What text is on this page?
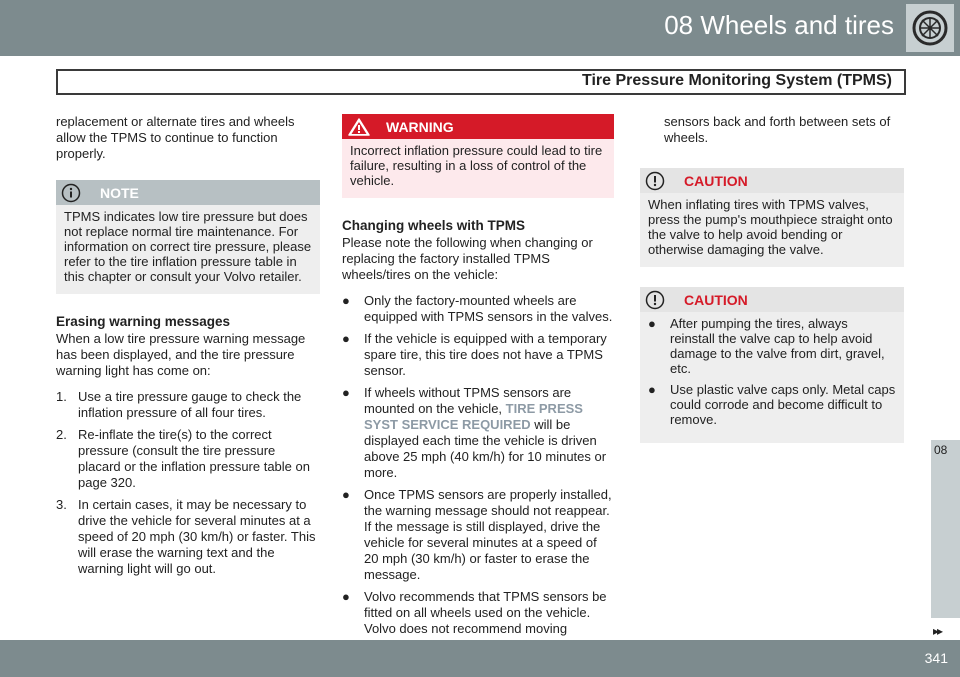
08 Wheels and tires
Tire Pressure Monitoring System (TPMS)

replacement or alternate tires and wheels allow the TPMS to continue to function properly.

NOTE
TPMS indicates low tire pressure but does not replace normal tire maintenance. For information on correct tire pressure, please refer to the tire inflation pressure table in this chapter or consult your Volvo retailer.
Erasing warning messages

When a low tire pressure warning message has been displayed, and the tire pressure warning light has come on:

1. Use a tire pressure gauge to check the inflation pressure of all four tires.
2. Re-inflate the tire(s) to the correct pressure (consult the tire pressure placard or the inflation pressure table on page 320.
3. In certain cases, it may be necessary to drive the vehicle for several minutes at a speed of 20 mph (30 km/h) or faster. This will erase the warning text and the warning light will go out.
WARNING
Incorrect inflation pressure could lead to tire failure, resulting in a loss of control of the vehicle.
Changing wheels with TPMS

Please note the following when changing or replacing the factory installed TPMS wheels/tires on the vehicle:

● Only the factory-mounted wheels are equipped with TPMS sensors in the valves.
● If the vehicle is equipped with a temporary spare tire, this tire does not have a TPMS sensor.
● If wheels without TPMS sensors are mounted on the vehicle, TIRE PRESS SYST SERVICE REQUIRED will be displayed each time the vehicle is driven above 25 mph (40 km/h) for 10 minutes or more.
● Once TPMS sensors are properly installed, the warning message should not reappear. If the message is still displayed, drive the vehicle for several minutes at a speed of 20 mph (30 km/h) or faster to erase the message.
● Volvo recommends that TPMS sensors be fitted on all wheels used on the vehicle. Volvo does not recommend moving

sensors back and forth between sets of wheels.

CAUTION
When inflating tires with TPMS valves, press the pump's mouthpiece straight onto the valve to help avoid bending or otherwise damaging the valve.
CAUTION
● After pumping the tires, always reinstall the valve cap to help avoid damage to the valve from dirt, gravel, etc.
● Use plastic valve caps only. Metal caps could corrode and become difficult to remove.
08
▸▸
341
